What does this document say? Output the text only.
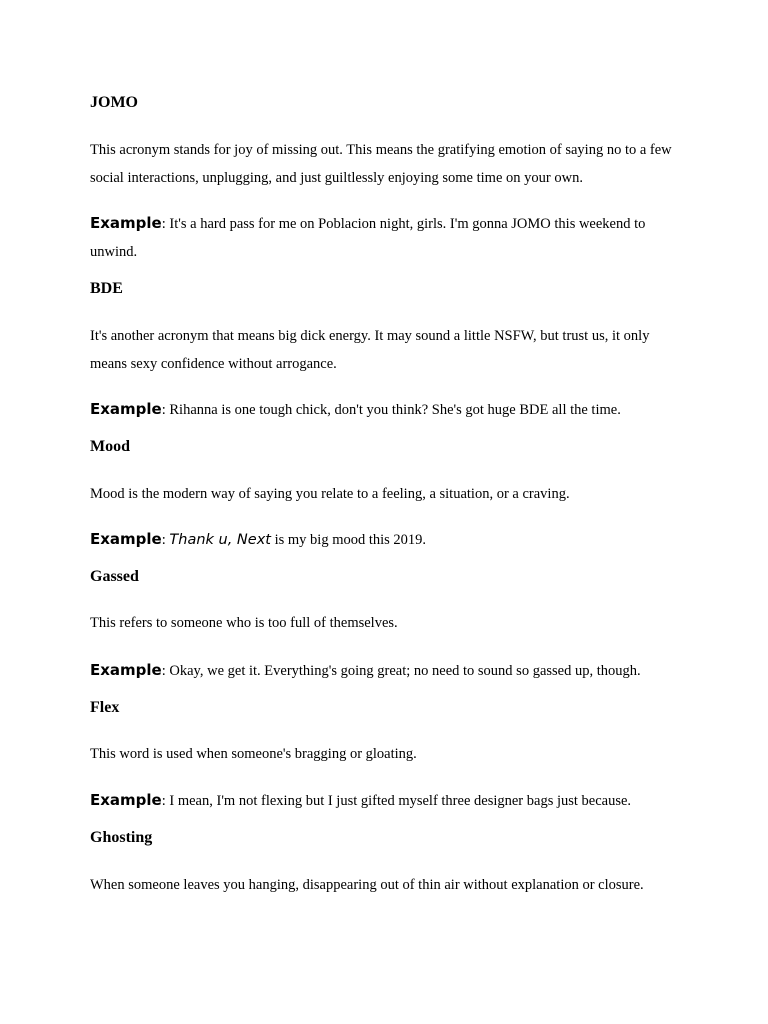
JOMO

This acronym stands for joy of missing out. This means the gratifying emotion of saying no to a few social interactions, unplugging, and just guiltlessly enjoying some time on your own.

Example: It's a hard pass for me on Poblacion night, girls. I'm gonna JOMO this weekend to unwind.

BDE

It's another acronym that means big dick energy. It may sound a little NSFW, but trust us, it only means sexy confidence without arrogance.

Example: Rihanna is one tough chick, don't you think? She's got huge BDE all the time.

Mood

Mood is the modern way of saying you relate to a feeling, a situation, or a craving.

Example: Thank u, Next is my big mood this 2019.

Gassed

This refers to someone who is too full of themselves.

Example: Okay, we get it. Everything's going great; no need to sound so gassed up, though.

Flex

This word is used when someone's bragging or gloating.

Example: I mean, I'm not flexing but I just gifted myself three designer bags just because.

Ghosting

When someone leaves you hanging, disappearing out of thin air without explanation or closure.
